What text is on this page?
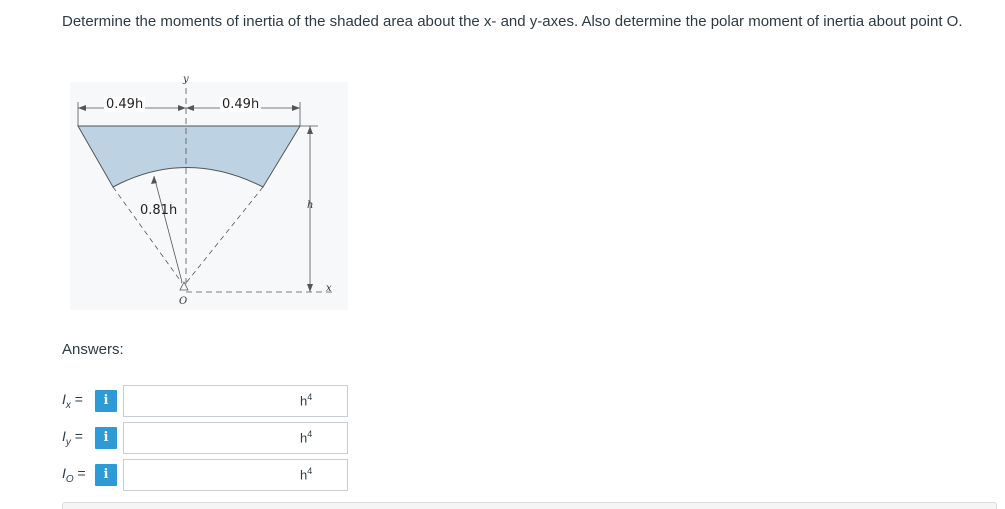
Determine the moments of inertia of the shaded area about the x- and y-axes. Also determine the polar moment of inertia about point O.
0.49h	0.49h
0.81h
y
x
h
O
Answers:
$I_x$ =	i	$h^4$
$I_y$ =	i	$h^4$
$I_O$ =	i	$h^4$
